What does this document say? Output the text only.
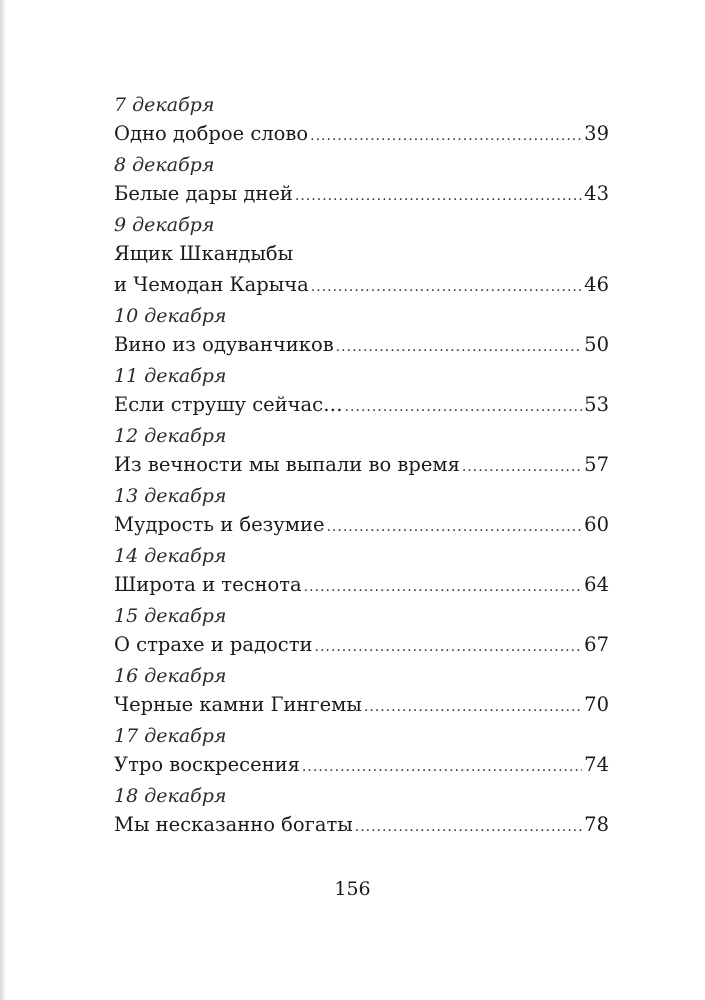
7 декабря
Одно доброе слово .....	39
8 декабря
Белые дары дней .....	43
9 декабря
Ящик Шкандыбы
и Чемодан Карыча .....	46
10 декабря
Вино из одуванчиков .....	50
11 декабря
Если струшу сейчас… .....	53
12 декабря
Из вечности мы выпали во время .....	57
13 декабря
Мудрость и безумие .....	60
14 декабря
Широта и теснота .....	64
15 декабря
О страхе и радости .....	67
16 декабря
Черные камни Гингемы .....	70
17 декабря
Утро воскресения .....	74
18 декабря
Мы несказанно богаты .....	78
156
